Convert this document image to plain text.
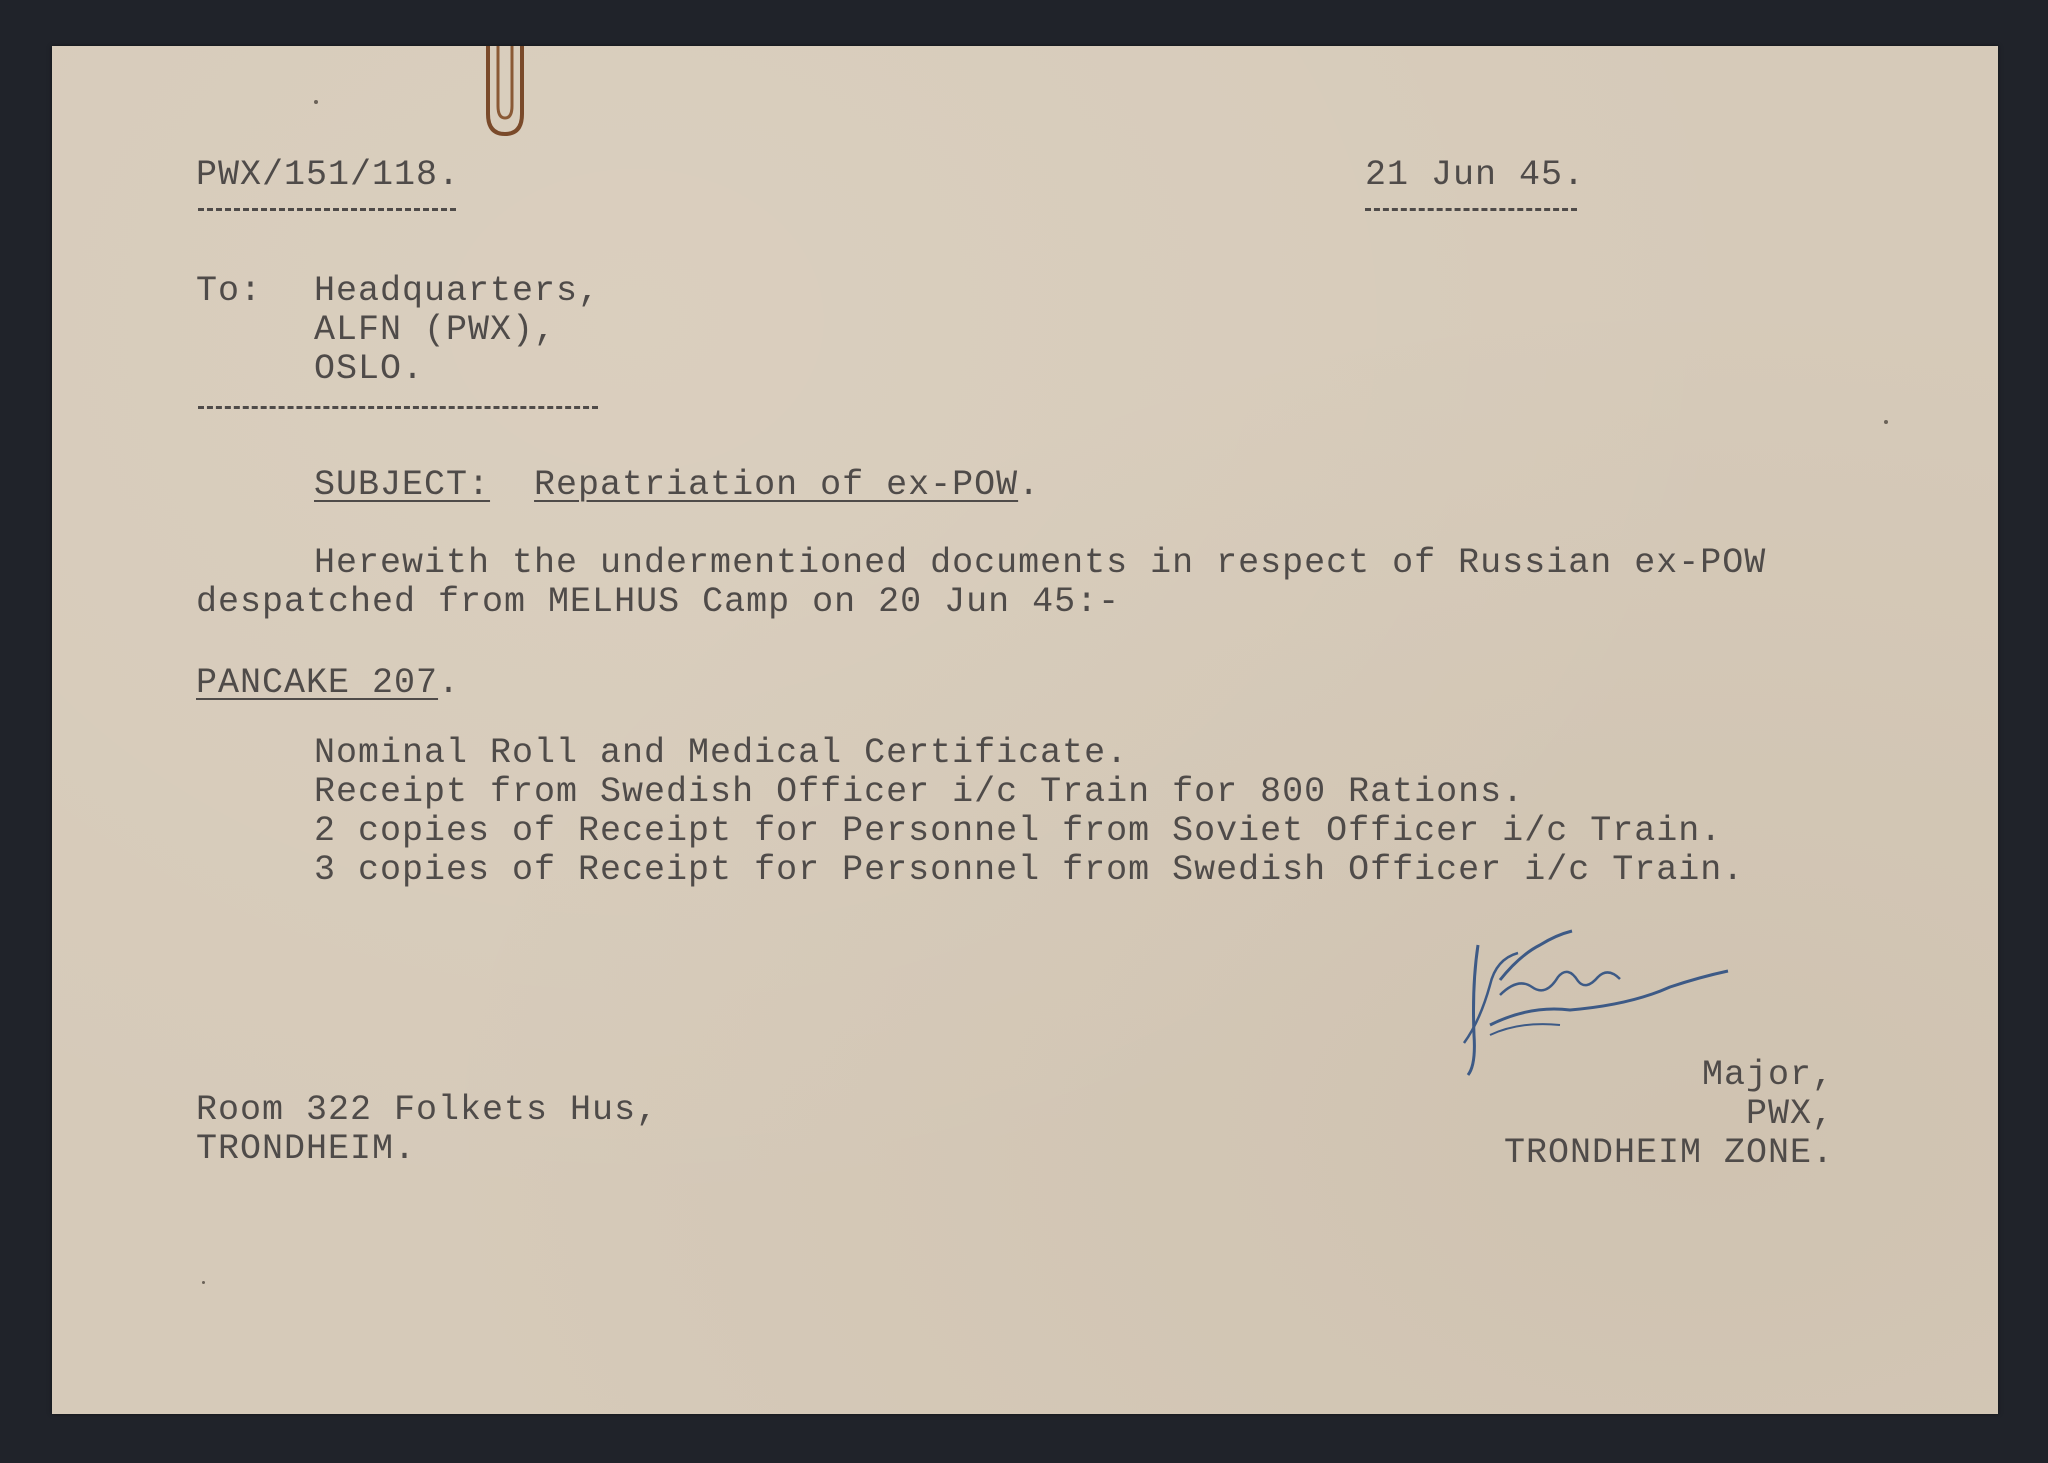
PWX/151/118.	21 Jun 45.
To: Headquarters,
ALFN (PWX),
OSLO.
SUBJECT: Repatriation of ex-POW.
Herewith the undermentioned documents in respect of Russian ex-POW
despatched from MELHUS Camp on 20 Jun 45:-
PANCAKE 207.
Nominal Roll and Medical Certificate.
Receipt from Swedish Officer i/c Train for 800 Rations.
2 copies of Receipt for Personnel from Soviet Officer i/c Train.
3 copies of Receipt for Personnel from Swedish Officer i/c Train.
Room 322 Folkets Hus,
TRONDHEIM.
Major,
PWX,
TRONDHEIM ZONE.
